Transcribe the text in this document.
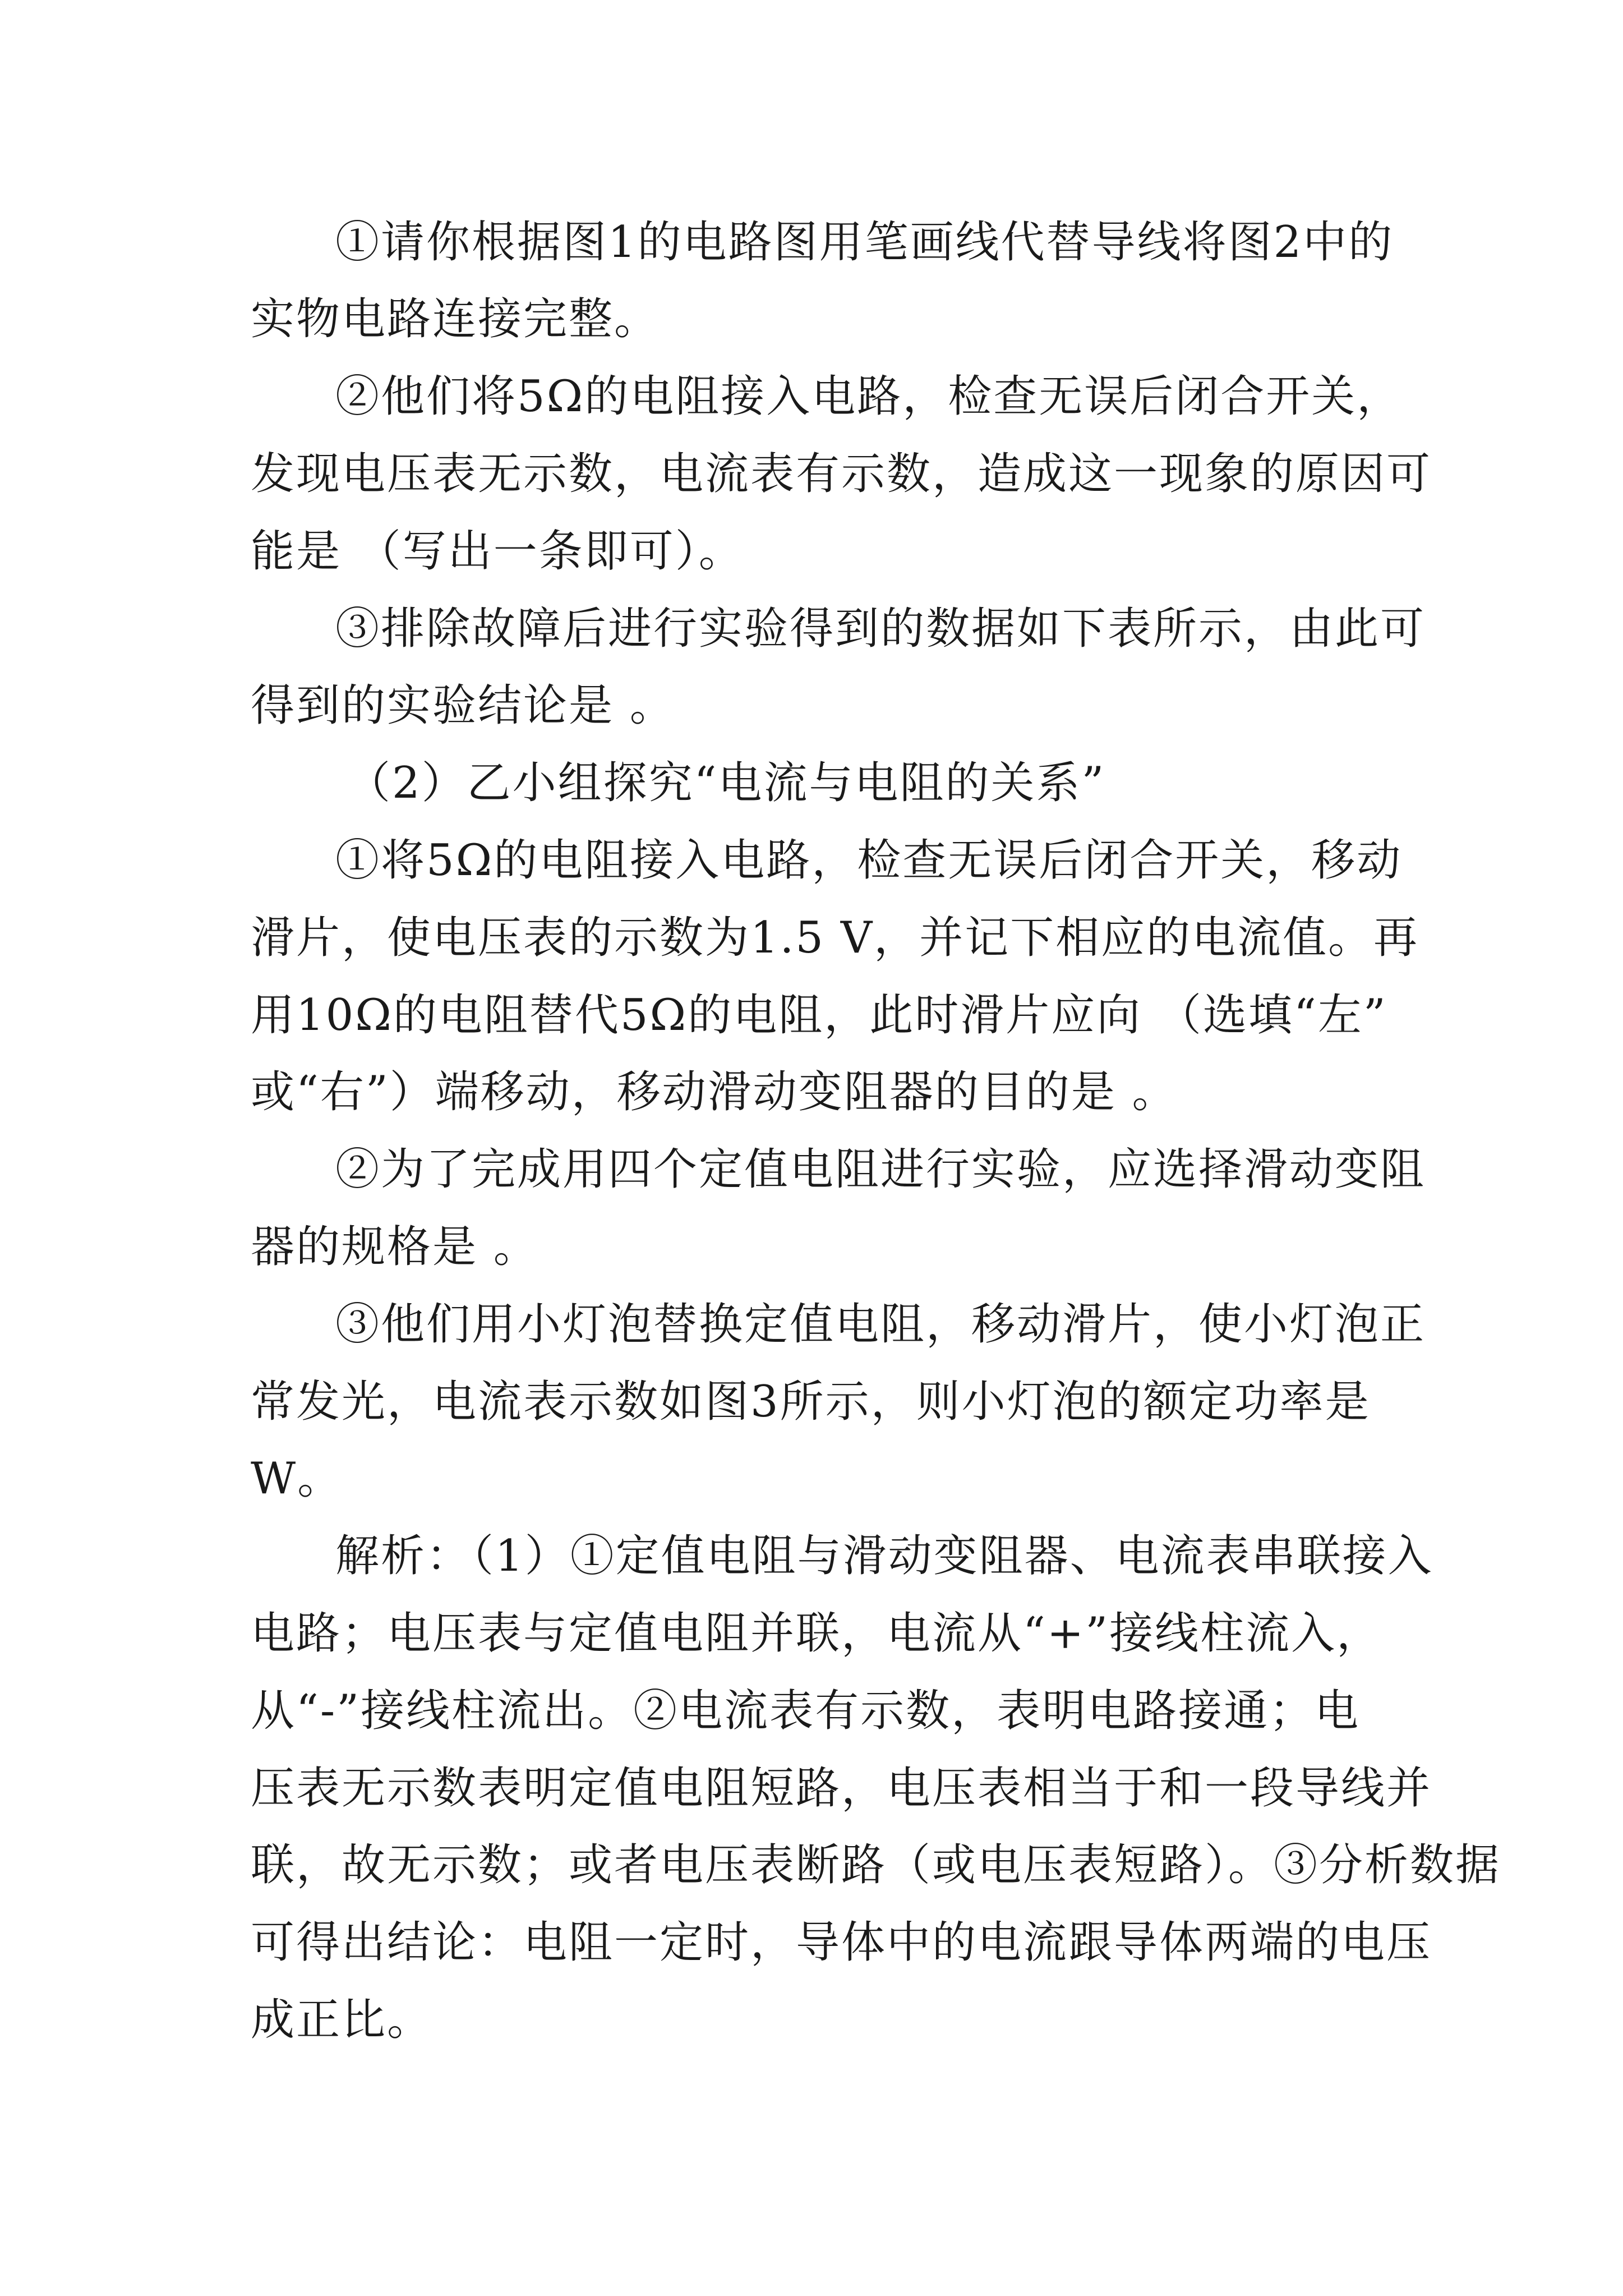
①请你根据图1的电路图用笔画线代替导线将图2中的
实物电路连接完整。
②他们将5Ω的电阻接入电路，检查无误后闭合开关，
发现电压表无示数，电流表有示数，造成这一现象的原因可
能是 （写出一条即可）。
③排除故障后进行实验得到的数据如下表所示，由此可
得到的实验结论是 。
（2）乙小组探究“电流与电阻的关系”
①将5Ω的电阻接入电路，检查无误后闭合开关，移动
滑片，使电压表的示数为1.5 V，并记下相应的电流值。再
用10Ω的电阻替代5Ω的电阻，此时滑片应向 （选填“左”
或“右”）端移动，移动滑动变阻器的目的是 。
②为了完成用四个定值电阻进行实验，应选择滑动变阻
器的规格是 。
③他们用小灯泡替换定值电阻，移动滑片，使小灯泡正
常发光，电流表示数如图3所示，则小灯泡的额定功率是
W。
解析：（1）①定值电阻与滑动变阻器、电流表串联接入
电路；电压表与定值电阻并联，电流从“+”接线柱流入，
从“-”接线柱流出。②电流表有示数，表明电路接通；电
压表无示数表明定值电阻短路，电压表相当于和一段导线并
联，故无示数；或者电压表断路（或电压表短路）。③分析数据
可得出结论：电阻一定时，导体中的电流跟导体两端的电压
成正比。
